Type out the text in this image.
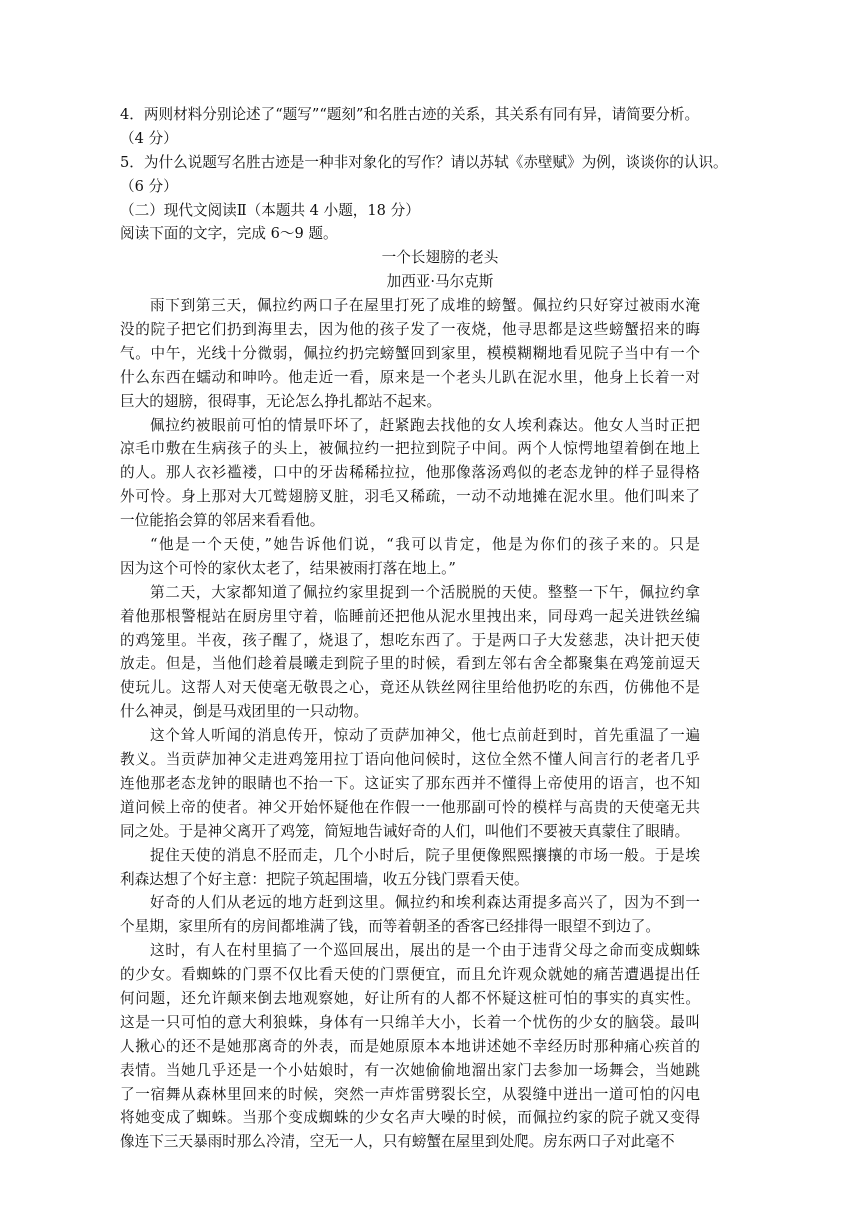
4．两则材料分别论述了“题写”“题刻”和名胜古迹的关系，其关系有同有异，请简要分析。
（4 分）
5．为什么说题写名胜古迹是一种非对象化的写作？请以苏轼《赤壁赋》为例，谈谈你的认识。
（6 分）
（二）现代文阅读Ⅱ（本题共 4 小题，18 分）
阅读下面的文字，完成 6～9 题。
一个长翅膀的老头
加西亚·马尔克斯
雨下到第三天，佩拉约两口子在屋里打死了成堆的螃蟹。佩拉约只好穿过被雨水淹
没的院子把它们扔到海里去，因为他的孩子发了一夜烧，他寻思都是这些螃蟹招来的晦
气。中午，光线十分微弱，佩拉约扔完螃蟹回到家里，模模糊糊地看见院子当中有一个
什么东西在蠕动和呻吟。他走近一看，原来是一个老头儿趴在泥水里，他身上长着一对
巨大的翅膀，很碍事，无论怎么挣扎都站不起来。
佩拉约被眼前可怕的情景吓坏了，赶紧跑去找他的女人埃利森达。他女人当时正把
凉毛巾敷在生病孩子的头上，被佩拉约一把拉到院子中间。两个人惊愕地望着倒在地上
的人。那人衣衫褴褛，口中的牙齿稀稀拉拉，他那像落汤鸡似的老态龙钟的样子显得格
外可怜。身上那对大兀鹫翅膀叉脏，羽毛又稀疏，一动不动地摊在泥水里。他们叫来了
一位能掐会算的邻居来看看他。
“他是一个天使，”她告诉他们说，“我可以肯定，他是为你们的孩子来的。只是
因为这个可怜的家伙太老了，结果被雨打落在地上。”
第二天，大家都知道了佩拉约家里捉到一个活脱脱的天使。整整一下午，佩拉约拿
着他那根警棍站在厨房里守着，临睡前还把他从泥水里拽出来，同母鸡一起关进铁丝编
的鸡笼里。半夜，孩子醒了，烧退了，想吃东西了。于是两口子大发慈悲，决计把天使
放走。但是，当他们趁着晨曦走到院子里的时候，看到左邻右舍全都聚集在鸡笼前逗天
使玩儿。这帮人对天使毫无敬畏之心，竟还从铁丝网往里给他扔吃的东西，仿佛他不是
什么神灵，倒是马戏团里的一只动物。
这个耸人听闻的消息传开，惊动了贡萨加神父，他七点前赶到时，首先重温了一遍
教义。当贡萨加神父走进鸡笼用拉丁语向他问候时，这位全然不懂人间言行的老者几乎
连他那老态龙钟的眼睛也不抬一下。这证实了那东西并不懂得上帝使用的语言，也不知
道问候上帝的使者。神父开始怀疑他在作假一一他那副可怜的模样与高贵的天使毫无共
同之处。于是神父离开了鸡笼，简短地告诫好奇的人们，叫他们不要被天真蒙住了眼睛。
捉住天使的消息不胫而走，几个小时后，院子里便像熙熙攘攘的市场一般。于是埃
利森达想了个好主意：把院子筑起围墙，收五分钱门票看天使。
好奇的人们从老远的地方赶到这里。佩拉约和埃利森达甭提多高兴了，因为不到一
个星期，家里所有的房间都堆满了钱，而等着朝圣的香客已经排得一眼望不到边了。
这时，有人在村里搞了一个巡回展出，展出的是一个由于违背父母之命而变成蜘蛛
的少女。看蜘蛛的门票不仅比看天使的门票便宜，而且允许观众就她的痛苦遭遇提出任
何问题，还允许颠来倒去地观察她，好让所有的人都不怀疑这桩可怕的事实的真实性。
这是一只可怕的意大利狼蛛，身体有一只绵羊大小，长着一个忧伤的少女的脑袋。最叫
人揪心的还不是她那离奇的外表，而是她原原本本地讲述她不幸经历时那种痛心疾首的
表情。当她几乎还是一个小姑娘时，有一次她偷偷地溜出家门去参加一场舞会，当她跳
了一宿舞从森林里回来的时候，突然一声炸雷劈裂长空，从裂缝中迸出一道可怕的闪电
将她变成了蜘蛛。当那个变成蜘蛛的少女名声大噪的时候，而佩拉约家的院子就又变得
像连下三天暴雨时那么冷清，空无一人，只有螃蟹在屋里到处爬。房东两口子对此毫不
